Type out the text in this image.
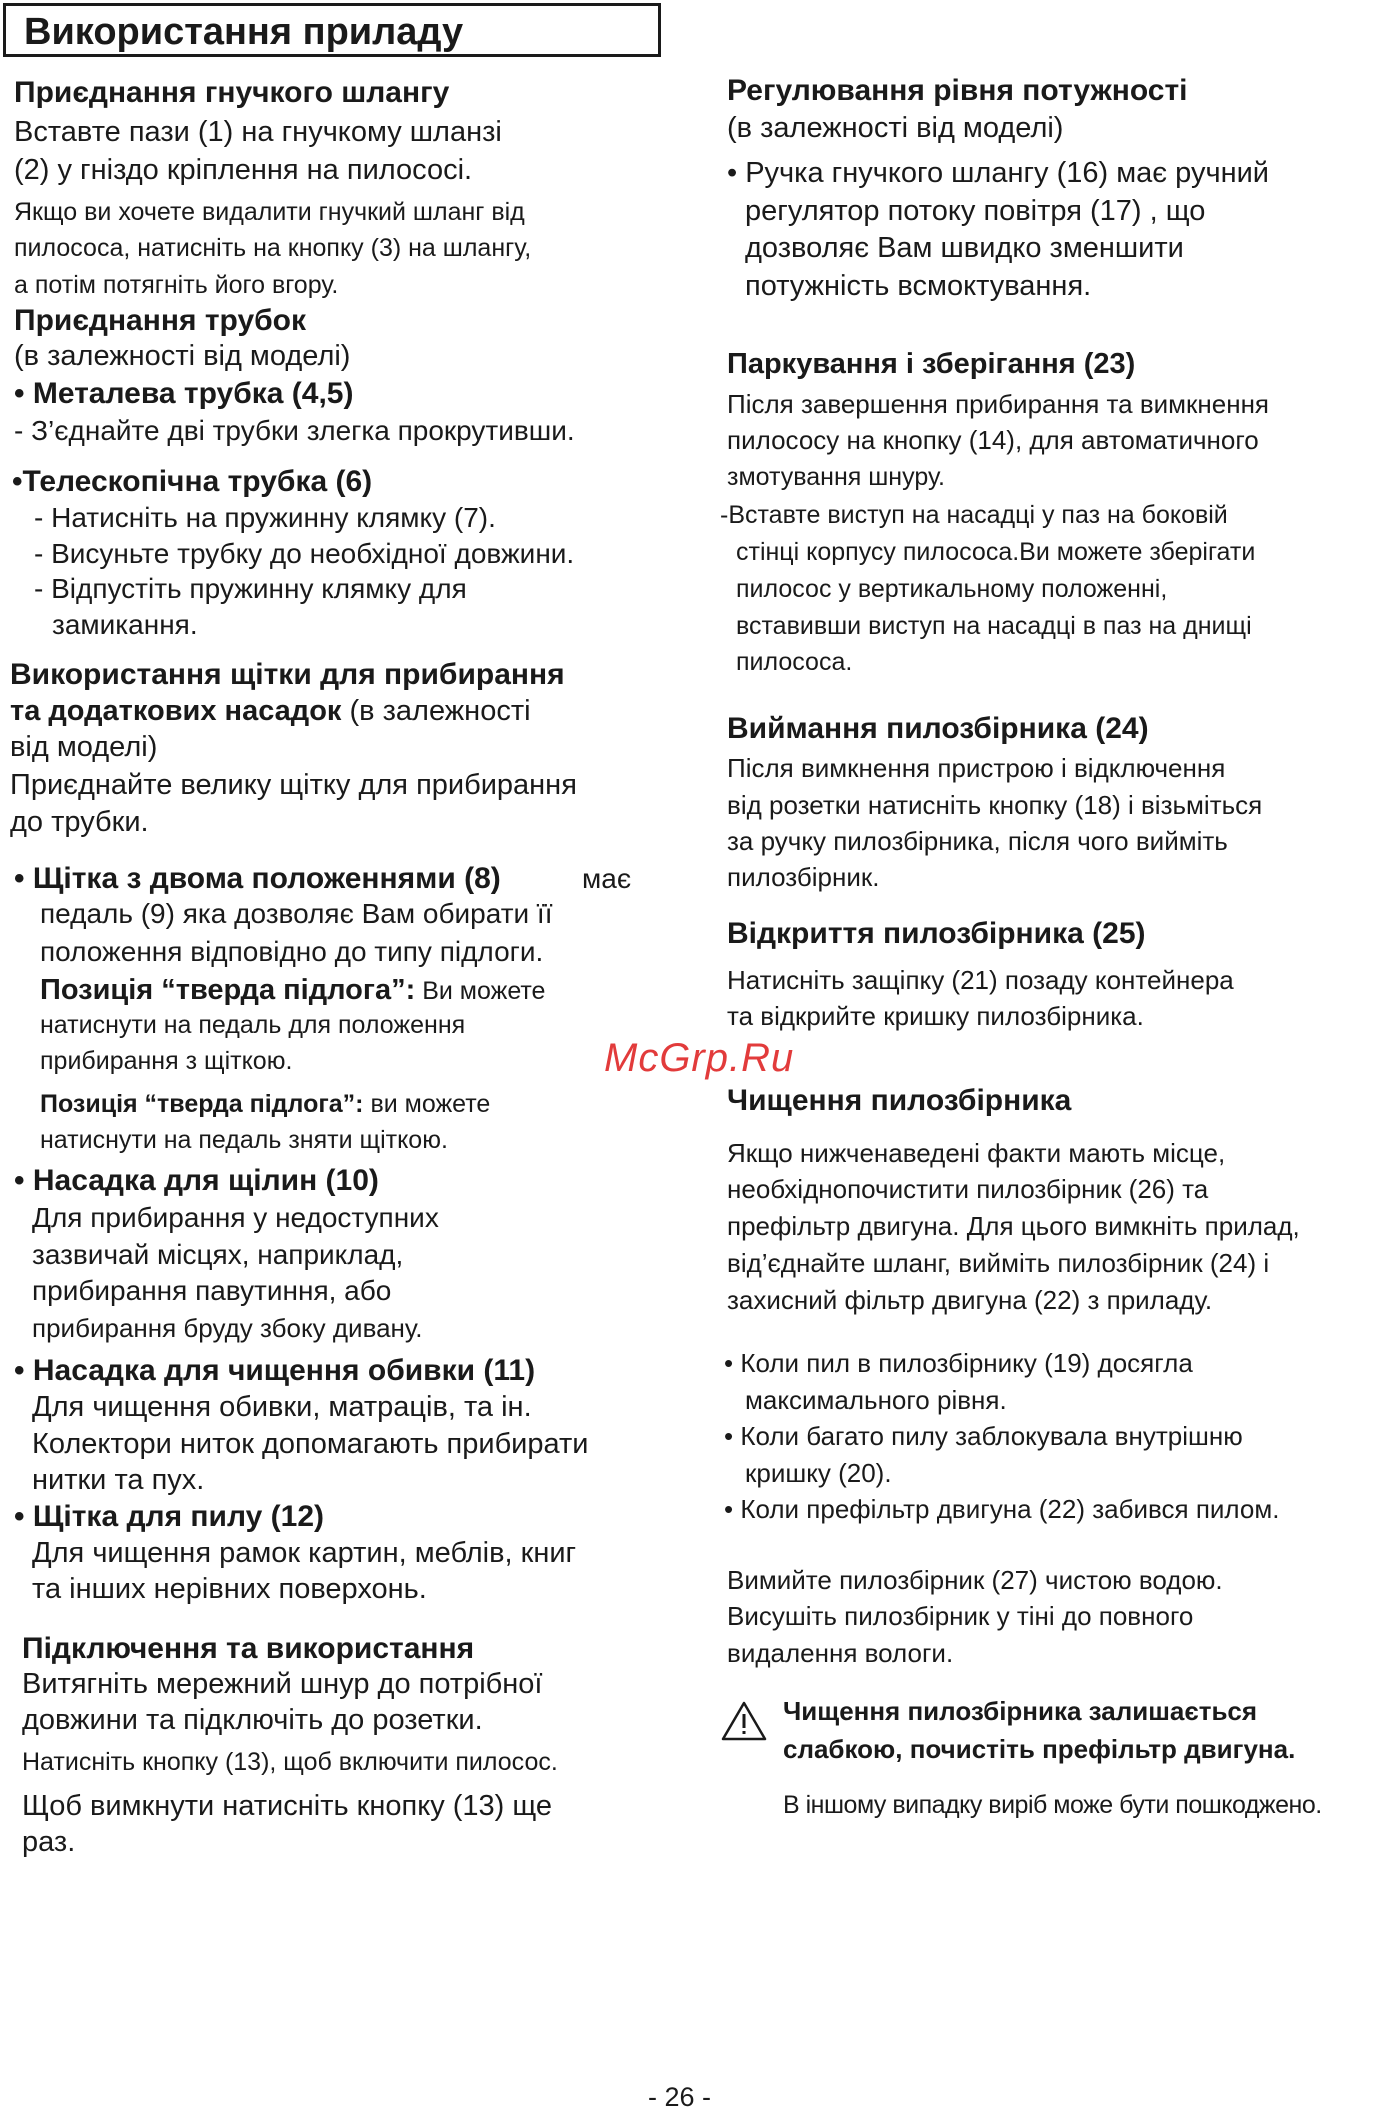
Використання приладу
Приєднання гнучкого шлангу
Вставте пази (1) на гнучкому шланзі
(2) у гніздо кріплення на пилососі.
Якщо ви хочете видалити гнучкий шланг від
пилососа, натисніть на кнопку (3) на шлангу,
а потім потягніть його вгору.
Приєднання трубок
(в залежності від моделі)
• Металева трубка (4,5)
- З’єднайте дві трубки злегка прокрутивши.
•Телескопічна трубка (6)
- Натисніть на пружинну клямку (7).
- Висуньте трубку до необхідної довжини.
- Відпустіть пружинну клямку для
замикання.
Використання щітки для прибирання
та додаткових насадок (в залежності
від моделі)
Приєднайте велику щітку для прибирання
до трубки.
• Щітка з двома положеннями (8)	має
педаль (9) яка дозволяє Вам обирати її
положення відповідно до типу підлоги.
Позиція “тверда підлога”: Ви можете
натиснути на педаль для положення
прибирання з щіткою.
Позиція “тверда підлога”: ви можете
натиснути на педаль зняти щіткою.
• Насадка для щілин (10)
Для прибирання у недоступних
зазвичай місцях, наприклад,
прибирання павутиння, або
прибирання бруду збоку дивану.
• Насадка для чищення обивки (11)
Для чищення обивки, матраців, та ін.
Колектори ниток допомагають прибирати
нитки та пух.
• Щітка для пилу (12)
Для чищення рамок картин, меблів, книг
та інших нерівних поверхонь.
Підключення та використання
Витягніть мережний шнур до потрібної
довжини та підключіть до розетки.
Натисніть кнопку (13), щоб включити пилосос.
Щоб вимкнути натисніть кнопку (13) ще
раз.
Регулювання рівня потужності
(в залежності від моделі)
• Ручка гнучкого шлангу (16) має ручний
регулятор потоку повітря (17) , що
дозволяє Вам швидко зменшити
потужність всмоктування.
Паркування і зберігання (23)
Після завершення прибирання та вимкнення
пилососу на кнопку (14), для автоматичного
змотування шнуру.
-Вставте виступ на насадці у паз на боковій
стінці корпусу пилососа.Ви можете зберігати
пилосос у вертикальному положенні,
вставивши виступ на насадці в паз на днищі
пилососа.
Виймання пилозбірника (24)
Після вимкнення пристрою і відключення
від розетки натисніть кнопку (18) і візьміться
за ручку пилозбірника, після чого вийміть
пилозбірник.
Відкриття пилозбірника (25)
Натисніть защіпку (21) позаду контейнера
та відкрийте кришку пилозбірника.
McGrp.Ru
Чищення пилозбірника
Якщо нижченаведені факти мають місце,
необхіднопочистити пилозбірник (26) та
префільтр двигуна. Для цього вимкніть прилад,
від’єднайте шланг, вийміть пилозбірник (24) і
захисний фільтр двигуна (22) з приладу.
• Коли пил в пилозбірнику (19) досягла
максимального рівня.
• Коли багато пилу заблокувала внутрішню
кришку (20).
• Коли префільтр двигуна (22) забився пилом.
Вимийте пилозбірник (27) чистою водою.
Висушіть пилозбірник у тіні до повного
видалення вологи.
Чищення пилозбірника залишається
слабкою, почистіть префільтр двигуна.
В іншому випадку виріб може бути пошкоджено.
- 26 -
